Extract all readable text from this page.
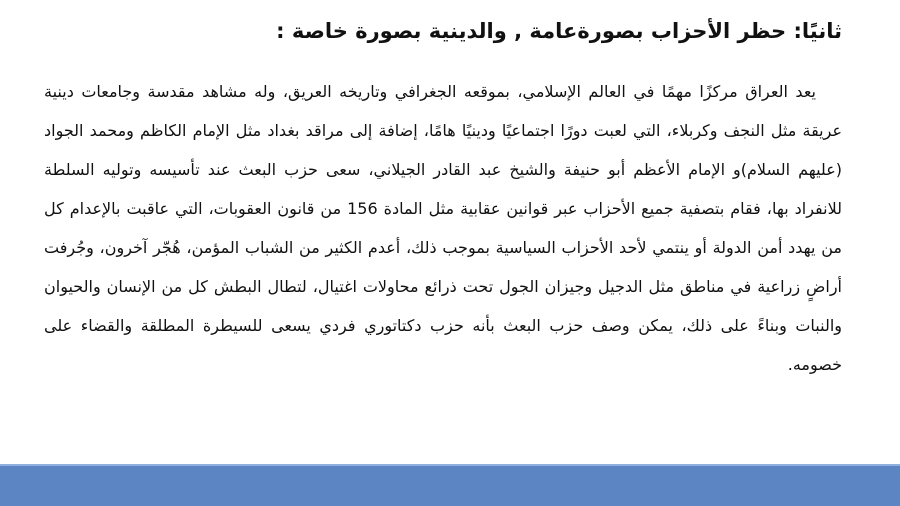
ثانيًا: حظر الأحزاب بصورةعامة , والدينية بصورة خاصة :

يعد العراق مركزًا مهمًا في العالم الإسلامي، بموقعه الجغرافي وتاريخه العريق، وله مشاهد مقدسة وجامعات دينية عريقة مثل النجف وكربلاء، التي لعبت دورًا اجتماعيًا ودينيًا هامًا، إضافة إلى مراقد بغداد مثل الإمام الكاظم ومحمد الجواد (عليهم السلام)و الإمام الأعظم أبو حنيفة والشيخ عبد القادر الجيلاني، سعى حزب البعث عند تأسيسه وتوليه السلطة للانفراد بها، فقام بتصفية جميع الأحزاب عبر قوانين عقابية مثل المادة 156 من قانون العقوبات، التي عاقبت بالإعدام كل من يهدد أمن الدولة أو ينتمي لأحد الأحزاب السياسية بموجب ذلك، أعدم الكثير من الشباب المؤمن، هُجّر آخرون، وجُرفت أراضٍ زراعية في مناطق مثل الدجيل وجيزان الجول تحت ذرائع محاولات اغتيال، لتطال البطش كل من الإنسان والحيوان والنبات وبناءً على ذلك، يمكن وصف حزب البعث بأنه حزب دكتاتوري فردي يسعى للسيطرة المطلقة والقضاء على خصومه.
